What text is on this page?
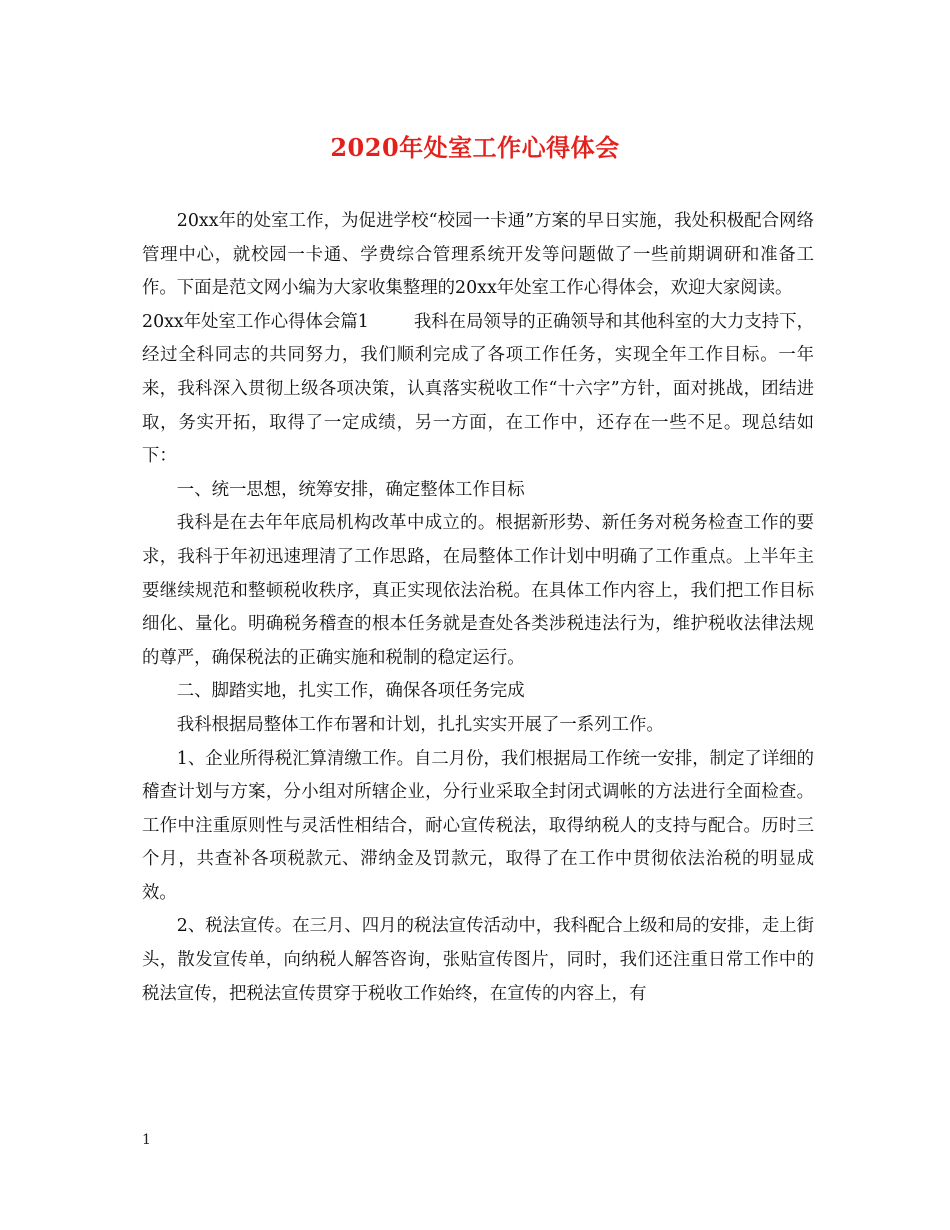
2020年处室工作心得体会

20xx年的处室工作，为促进学校“校园一卡通”方案的早日实施，我处积极配合网络管理中心，就校园一卡通、学费综合管理系统开发等问题做了一些前期调研和准备工作。下面是范文网小编为大家收集整理的20xx年处室工作心得体会，欢迎大家阅读。

20xx年处室工作心得体会篇1	我科在局领导的正确领导和其他科室的大力支持下，经过全科同志的共同努力，我们顺利完成了各项工作任务，实现全年工作目标。一年来，我科深入贯彻上级各项决策，认真落实税收工作“十六字”方针，面对挑战，团结进取，务实开拓，取得了一定成绩，另一方面，在工作中，还存在一些不足。现总结如下：

一、统一思想，统筹安排，确定整体工作目标

我科是在去年年底局机构改革中成立的。根据新形势、新任务对税务检查工作的要求，我科于年初迅速理清了工作思路，在局整体工作计划中明确了工作重点。上半年主要继续规范和整顿税收秩序，真正实现依法治税。在具体工作内容上，我们把工作目标细化、量化。明确税务稽查的根本任务就是查处各类涉税违法行为，维护税收法律法规的尊严，确保税法的正确实施和税制的稳定运行。

二、脚踏实地，扎实工作，确保各项任务完成

我科根据局整体工作布署和计划，扎扎实实开展了一系列工作。

1、企业所得税汇算清缴工作。自二月份，我们根据局工作统一安排，制定了详细的稽查计划与方案，分小组对所辖企业，分行业采取全封闭式调帐的方法进行全面检查。工作中注重原则性与灵活性相结合，耐心宣传税法，取得纳税人的支持与配合。历时三个月，共查补各项税款元、滞纳金及罚款元，取得了在工作中贯彻依法治税的明显成效。

2、税法宣传。在三月、四月的税法宣传活动中，我科配合上级和局的安排，走上街头，散发宣传单，向纳税人解答咨询，张贴宣传图片，同时，我们还注重日常工作中的税法宣传，把税法宣传贯穿于税收工作始终，在宣传的内容上，有

1
